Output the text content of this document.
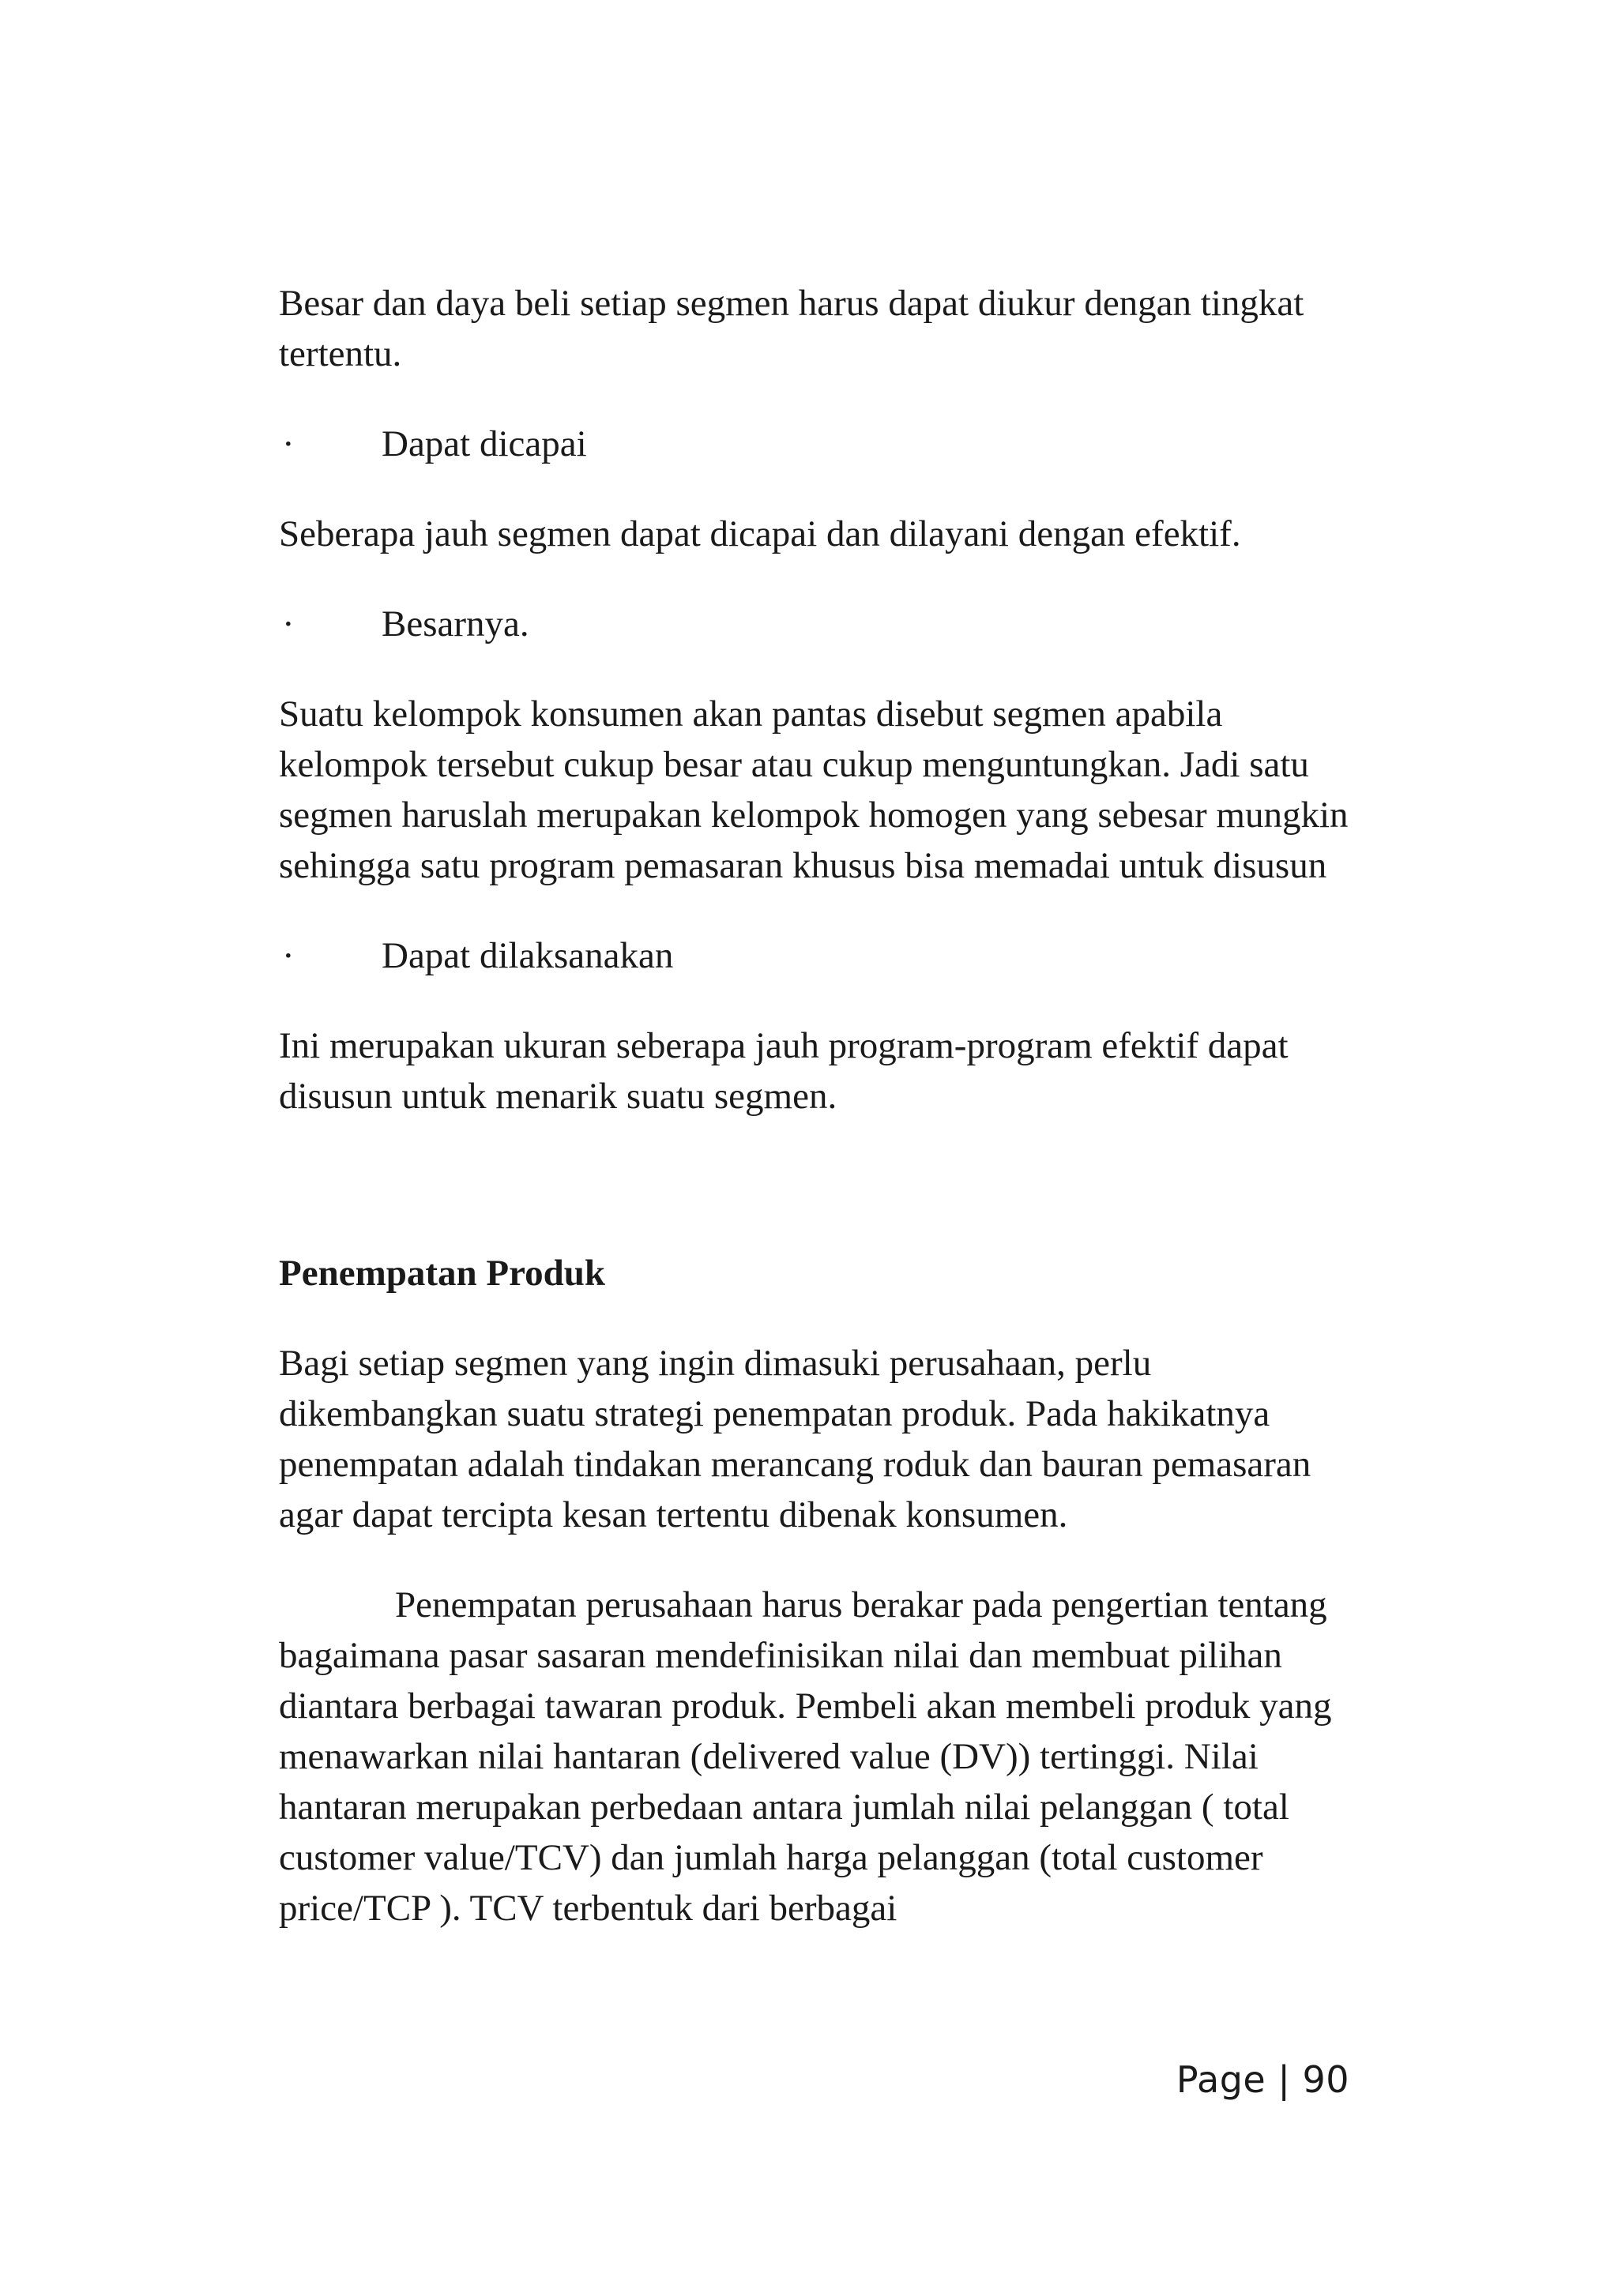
Besar dan daya beli setiap segmen harus dapat diukur dengan tingkat tertentu.

·	Dapat dicapai

Seberapa jauh segmen dapat dicapai dan dilayani dengan efektif.

·	Besarnya.

Suatu kelompok konsumen akan pantas disebut segmen apabila kelompok tersebut cukup besar atau cukup menguntungkan. Jadi satu segmen haruslah merupakan kelompok homogen yang sebesar mungkin sehingga satu program pemasaran khusus bisa memadai untuk disusun

·	Dapat dilaksanakan

Ini merupakan ukuran seberapa jauh program-program efektif dapat disusun untuk menarik suatu segmen.

Penempatan Produk

Bagi setiap segmen yang ingin dimasuki perusahaan, perlu dikembangkan suatu strategi penempatan produk. Pada hakikatnya penempatan adalah tindakan merancang roduk dan bauran pemasaran agar dapat tercipta kesan tertentu dibenak konsumen.

Penempatan perusahaan harus berakar pada pengertian tentang bagaimana pasar sasaran mendefinisikan nilai dan membuat pilihan diantara berbagai tawaran produk. Pembeli akan membeli produk yang menawarkan nilai hantaran (delivered value (DV)) tertinggi. Nilai hantaran merupakan perbedaan antara jumlah nilai pelanggan ( total customer value/TCV) dan jumlah harga pelanggan (total customer price/TCP ). TCV terbentuk dari berbagai

Page | 90
